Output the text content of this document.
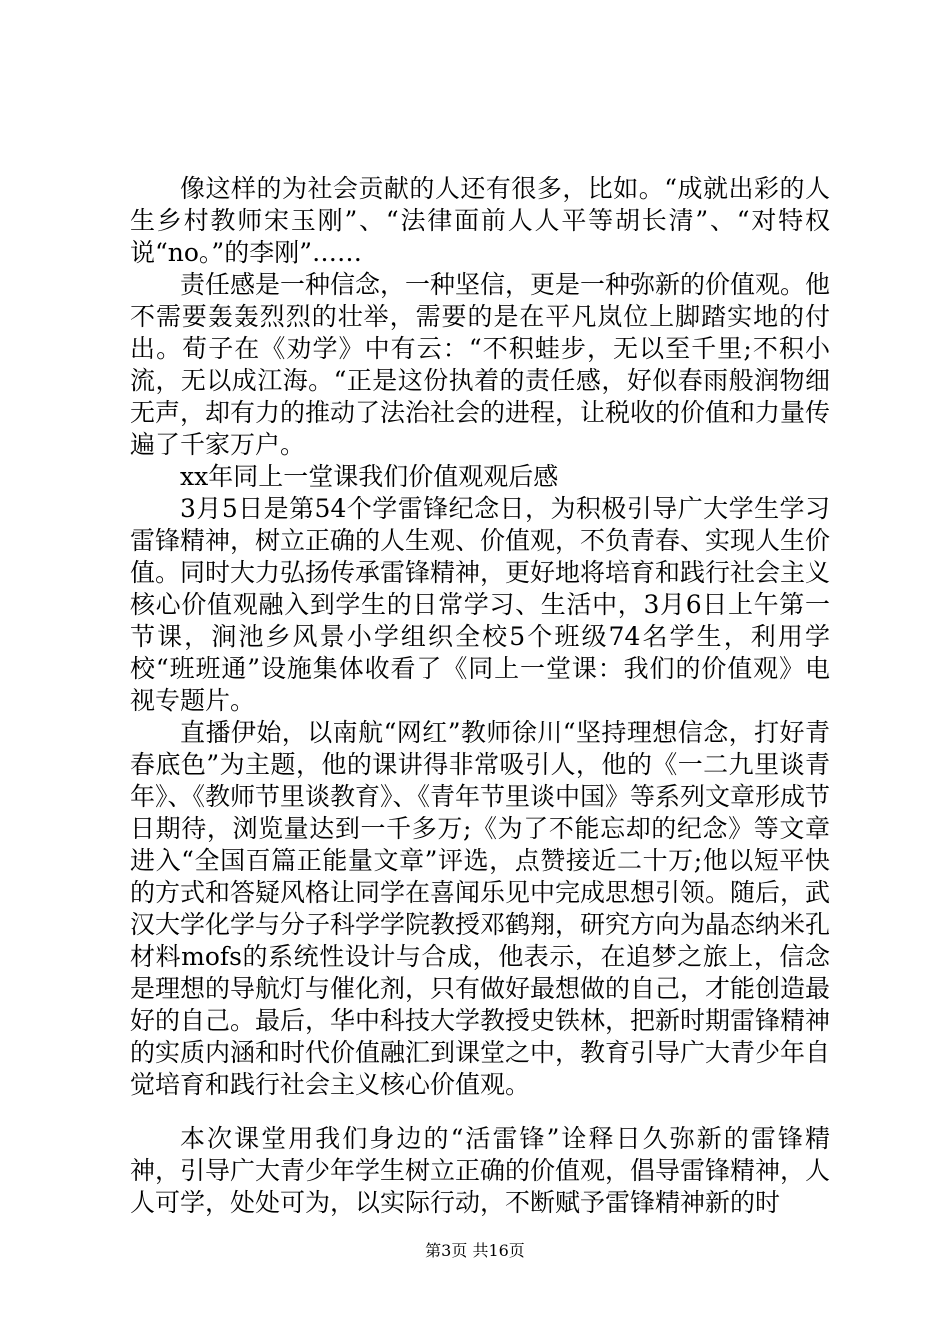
像这样的为社会贡献的人还有很多，比如。“成就出彩的人生乡村教师宋玉刚”、“法律面前人人平等胡长清”、“对特权说“no。”的李刚”……

责任感是一种信念，一种坚信，更是一种弥新的价值观。他不需要轰轰烈烈的壮举，需要的是在平凡岚位上脚踏实地的付出。荀子在《劝学》中有云：“不积蛙步，无以至千里;不积小流，无以成江海。“正是这份执着的责任感，好似春雨般润物细无声，却有力的推动了法治社会的进程，让税收的价值和力量传遍了千家万户。

xx年同上一堂课我们价值观观后感

3月5日是第54个学雷锋纪念日，为积极引导广大学生学习雷锋精神，树立正确的人生观、价值观，不负青春、实现人生价值。同时大力弘扬传承雷锋精神，更好地将培育和践行社会主义核心价值观融入到学生的日常学习、生活中，3月6日上午第一节课，涧池乡风景小学组织全校5个班级74名学生，利用学校“班班通”设施集体收看了《同上一堂课：我们的价值观》电视专题片。

直播伊始，以南航“网红”教师徐川“坚持理想信念，打好青春底色”为主题，他的课讲得非常吸引人，他的《一二九里谈青年》、《教师节里谈教育》、《青年节里谈中国》等系列文章形成节日期待，浏览量达到一千多万;《为了不能忘却的纪念》等文章进入“全国百篇正能量文章”评选，点赞接近二十万;他以短平快的方式和答疑风格让同学在喜闻乐见中完成思想引领。随后，武汉大学化学与分子科学学院教授邓鹤翔，研究方向为晶态纳米孔材料mofs的系统性设计与合成，他表示，在追梦之旅上，信念是理想的导航灯与催化剂，只有做好最想做的自己，才能创造最好的自己。最后，华中科技大学教授史铁林，把新时期雷锋精神的实质内涵和时代价值融汇到课堂之中，教育引导广大青少年自觉培育和践行社会主义核心价值观。

本次课堂用我们身边的“活雷锋”诠释日久弥新的雷锋精神，引导广大青少年学生树立正确的价值观，倡导雷锋精神，人人可学，处处可为，以实际行动，不断赋予雷锋精神新的时

第3页 共16页
